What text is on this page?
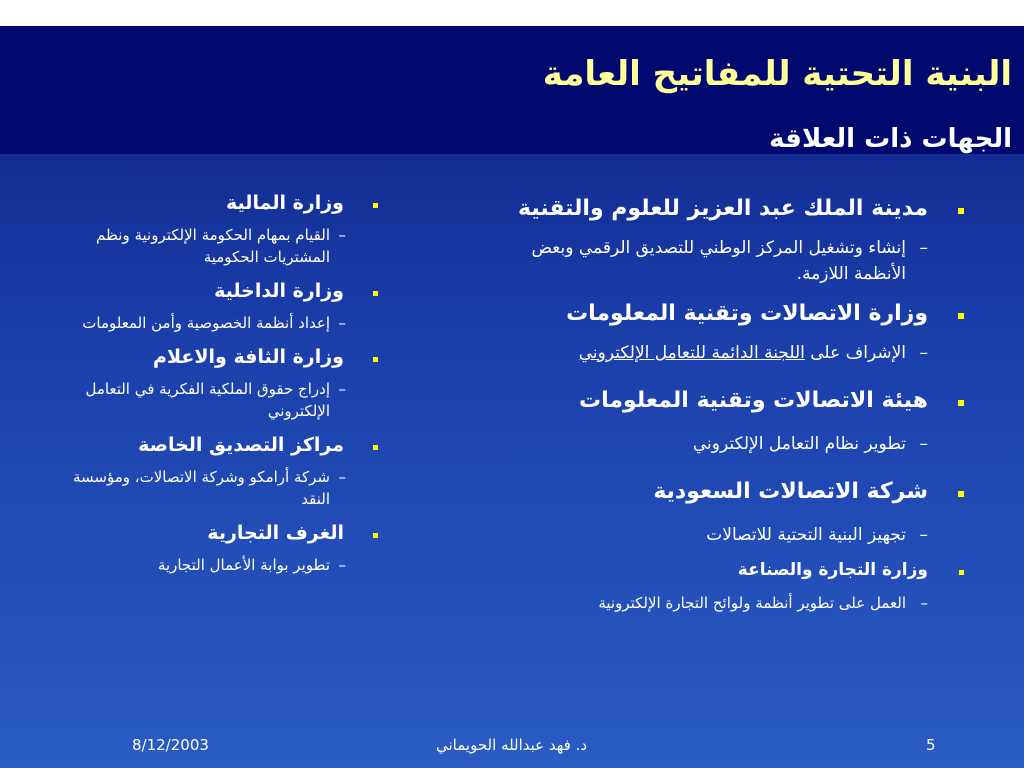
البنية التحتية للمفاتيح العامة
الجهات ذات العلاقة
مدينة الملك عبد العزيز للعلوم والتقنية
–
إنشاء وتشغيل المركز الوطني للتصديق الرقمي وبعض الأنظمة اللازمة.
وزارة الاتصالات وتقنية المعلومات
–
الإشراف على اللجنة الدائمة للتعامل الإلكتروني
هيئة الاتصالات وتقنية المعلومات
–
تطوير نظام التعامل الإلكتروني
شركة الاتصالات السعودية
–
تجهيز البنية التحتية للاتصالات
وزارة التجارة والصناعة
–
العمل على تطوير أنظمة ولوائح التجارة الإلكترونية
وزارة المالية
–
القيام بمهام الحكومة الإلكترونية ونظم المشتريات الحكومية
وزارة الداخلية
–
إعداد أنظمة الخصوصية وأمن المعلومات
وزارة الثافة والاعلام
–
إدراج حقوق الملكية الفكرية في التعامل الإلكتروني
مراكز التصديق الخاصة
–
شركة أرامكو وشركة الاتصالات، ومؤسسة النقد
الغرف التجارية
–
تطوير بوابة الأعمال التجارية
8/12/2003	د. فهد عبدالله الحويماني	5
